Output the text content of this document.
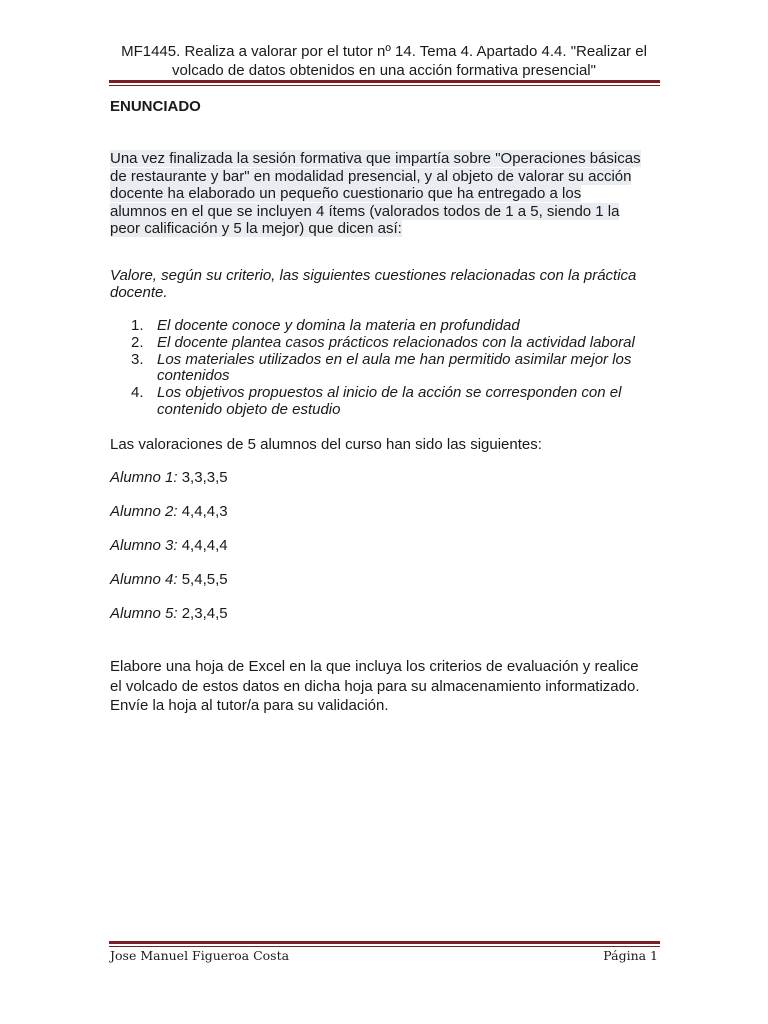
MF1445. Realiza a valorar por el tutor nº 14. Tema 4. Apartado 4.4. "Realizar el
volcado de datos obtenidos en una acción formativa presencial"
ENUNCIADO
Una vez finalizada la sesión formativa que impartía sobre "Operaciones básicas
de restaurante y bar" en modalidad presencial, y al objeto de valorar su acción
docente ha elaborado un pequeño cuestionario que ha entregado a los
alumnos en el que se incluyen 4 ítems (valorados todos de 1 a 5, siendo 1 la
peor calificación y 5 la mejor) que dicen así:
Valore, según su criterio, las siguientes cuestiones relacionadas con la práctica docente.
1. El docente conoce y domina la materia en profundidad
2. El docente plantea casos prácticos relacionados con la actividad laboral
3. Los materiales utilizados en el aula me han permitido asimilar mejor los contenidos
4. Los objetivos propuestos al inicio de la acción se corresponden con el contenido objeto de estudio
Las valoraciones de 5 alumnos del curso han sido las siguientes:
Alumno 1: 3,3,3,5
Alumno 2: 4,4,4,3
Alumno 3: 4,4,4,4
Alumno 4: 5,4,5,5
Alumno 5: 2,3,4,5
Elabore una hoja de Excel en la que incluya los criterios de evaluación y realice
el volcado de estos datos en dicha hoja para su almacenamiento informatizado.
Envíe la hoja al tutor/a para su validación.
Jose Manuel Figueroa Costa	Página 1
